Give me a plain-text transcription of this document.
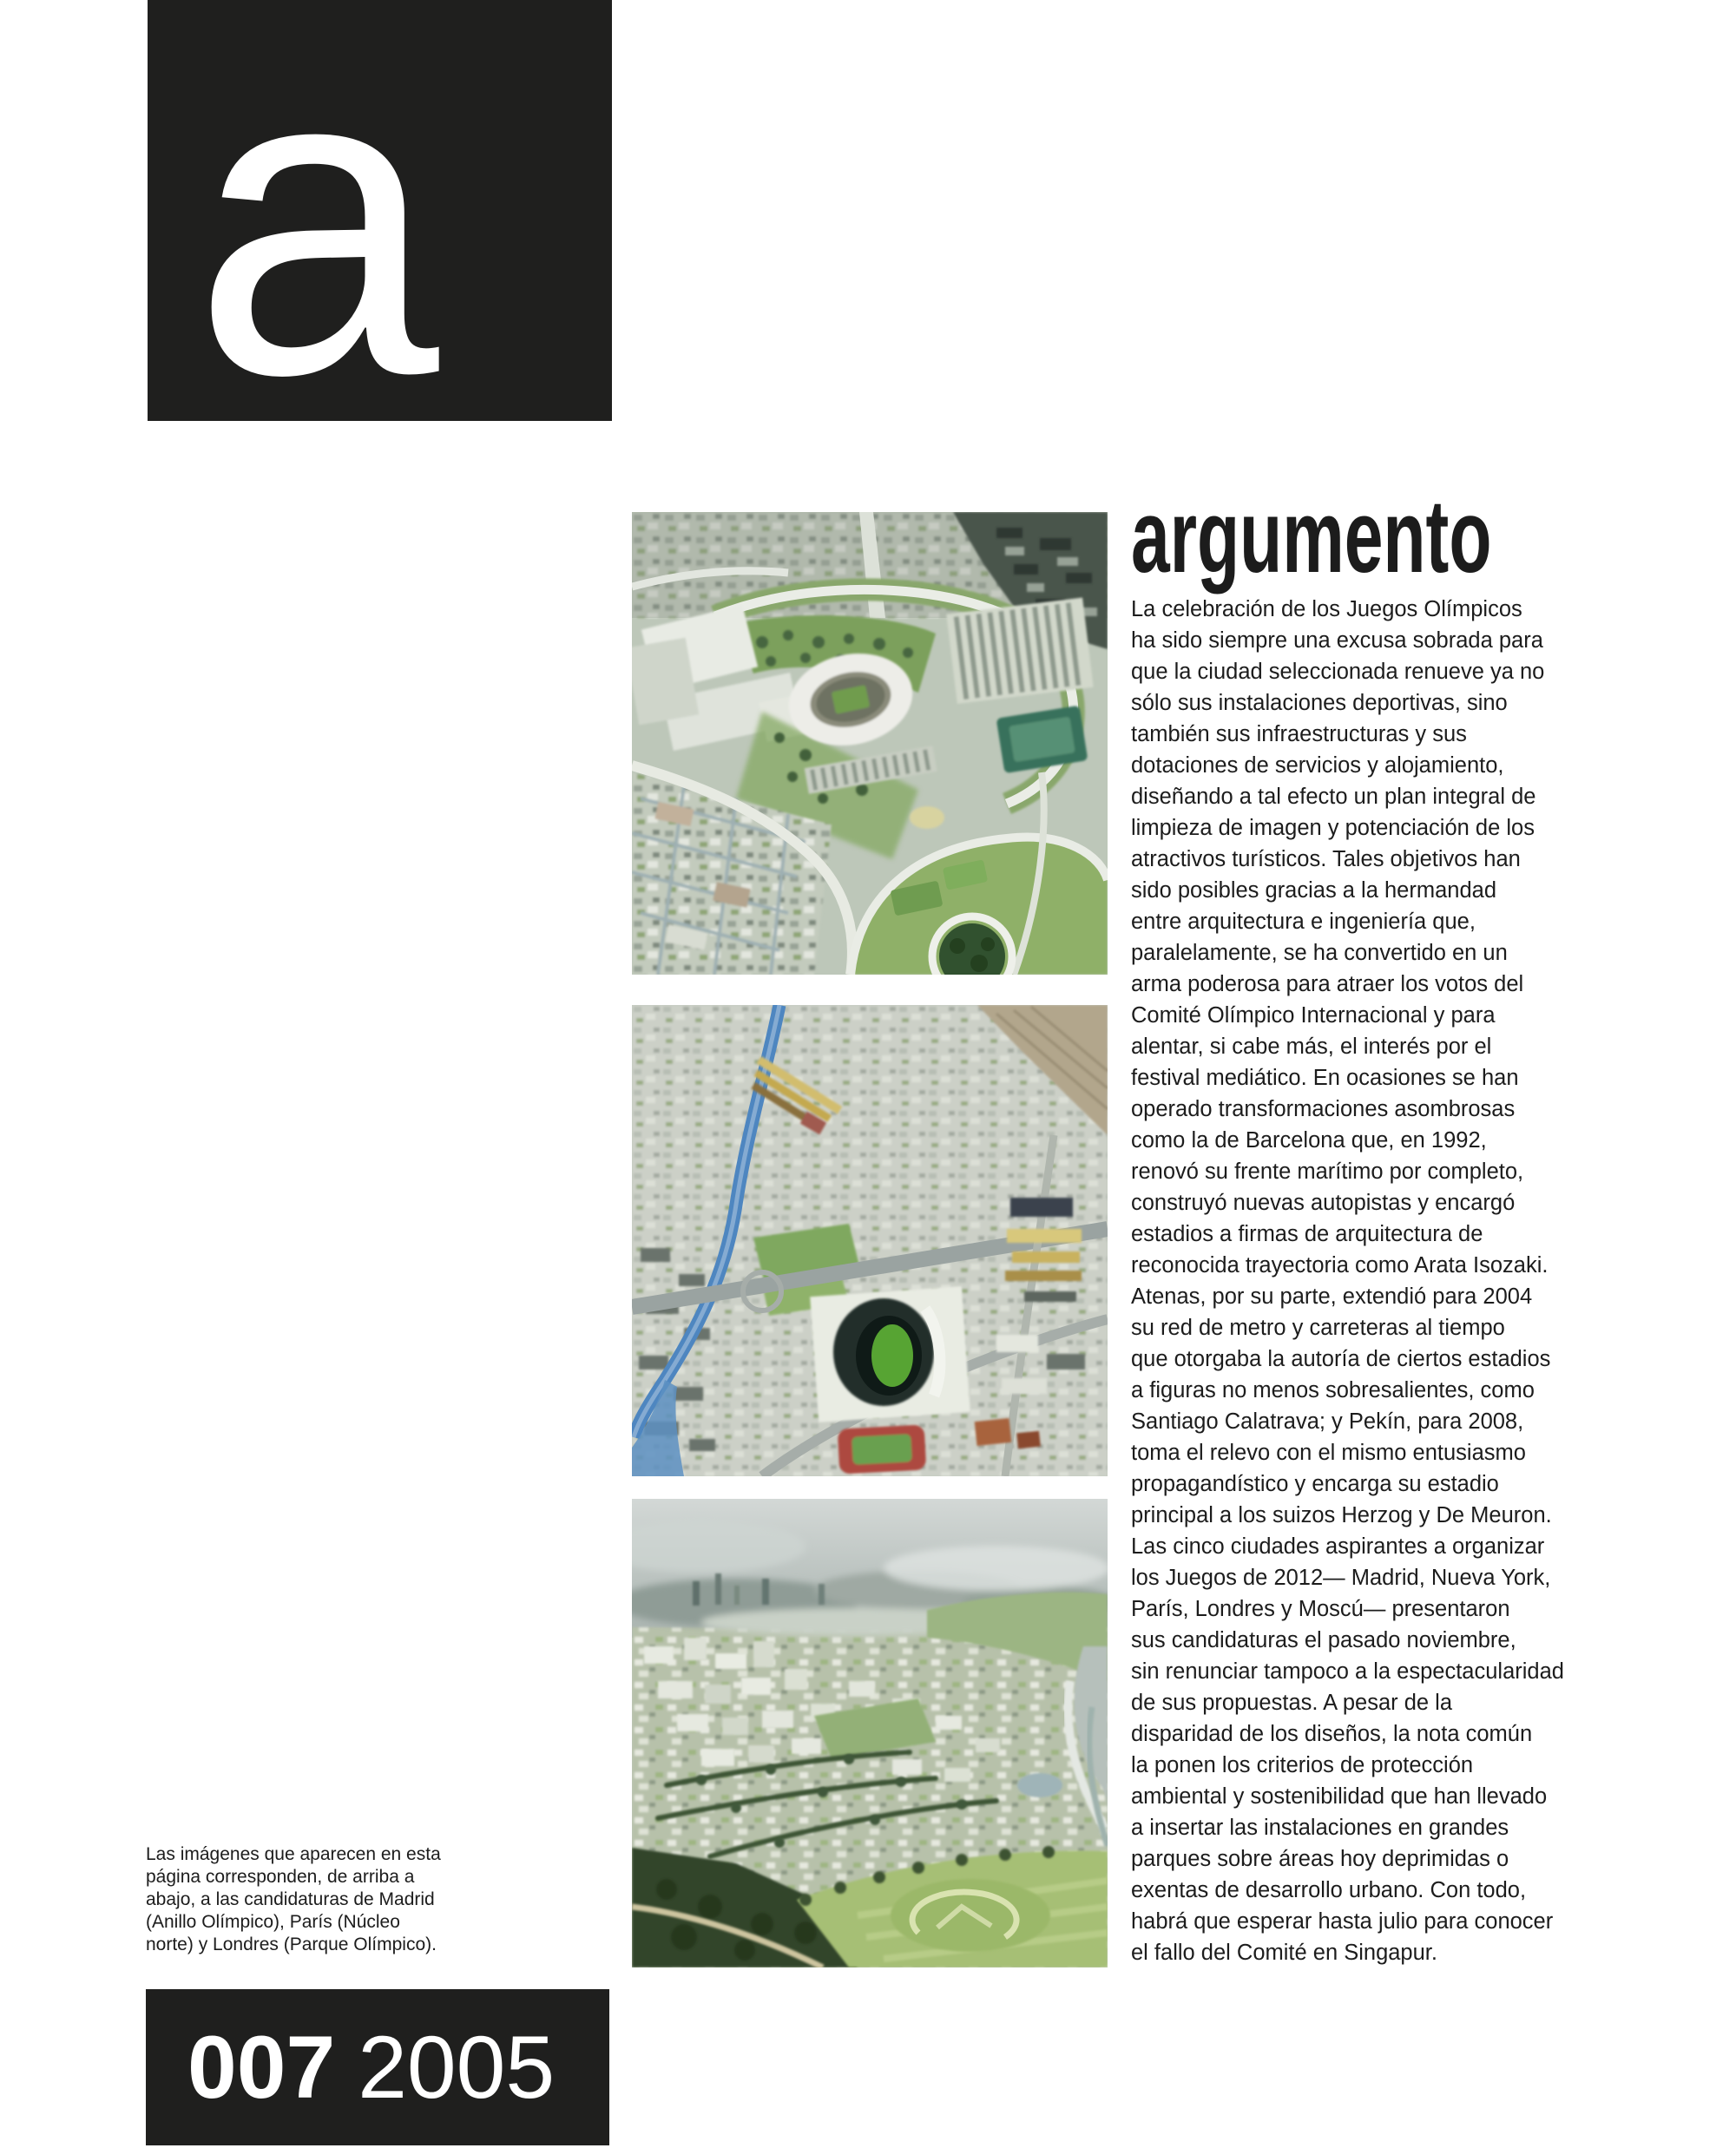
a
argumento
La celebración de los Juegos Olímpicos
ha sido siempre una excusa sobrada para
que la ciudad seleccionada renueve ya no
sólo sus instalaciones deportivas, sino
también sus infraestructuras y sus
dotaciones de servicios y alojamiento,
diseñando a tal efecto un plan integral de
limpieza de imagen y potenciación de los
atractivos turísticos. Tales objetivos han
sido posibles gracias a la hermandad
entre arquitectura e ingeniería que,
paralelamente, se ha convertido en un
arma poderosa para atraer los votos del
Comité Olímpico Internacional y para
alentar, si cabe más, el interés por el
festival mediático. En ocasiones se han
operado transformaciones asombrosas
como la de Barcelona que, en 1992,
renovó su frente marítimo por completo,
construyó nuevas autopistas y encargó
estadios a firmas de arquitectura de
reconocida trayectoria como Arata Isozaki.
Atenas, por su parte, extendió para 2004
su red de metro y carreteras al tiempo
que otorgaba la autoría de ciertos estadios
a figuras no menos sobresalientes, como
Santiago Calatrava; y Pekín, para 2008,
toma el relevo con el mismo entusiasmo
propagandístico y encarga su estadio
principal a los suizos Herzog y De Meuron.
Las cinco ciudades aspirantes a organizar
los Juegos de 2012— Madrid, Nueva York,
París, Londres y Moscú— presentaron
sus candidaturas el pasado noviembre,
sin renunciar tampoco a la espectacularidad
de sus propuestas. A pesar de la
disparidad de los diseños, la nota común
la ponen los criterios de protección
ambiental y sostenibilidad que han llevado
a insertar las instalaciones en grandes
parques sobre áreas hoy deprimidas o
exentas de desarrollo urbano. Con todo,
habrá que esperar hasta julio para conocer
el fallo del Comité en Singapur.
Las imágenes que aparecen en esta
página corresponden, de arriba a
abajo, a las candidaturas de Madrid
(Anillo Olímpico), París (Núcleo
norte) y Londres (Parque Olímpico).
007 2005
